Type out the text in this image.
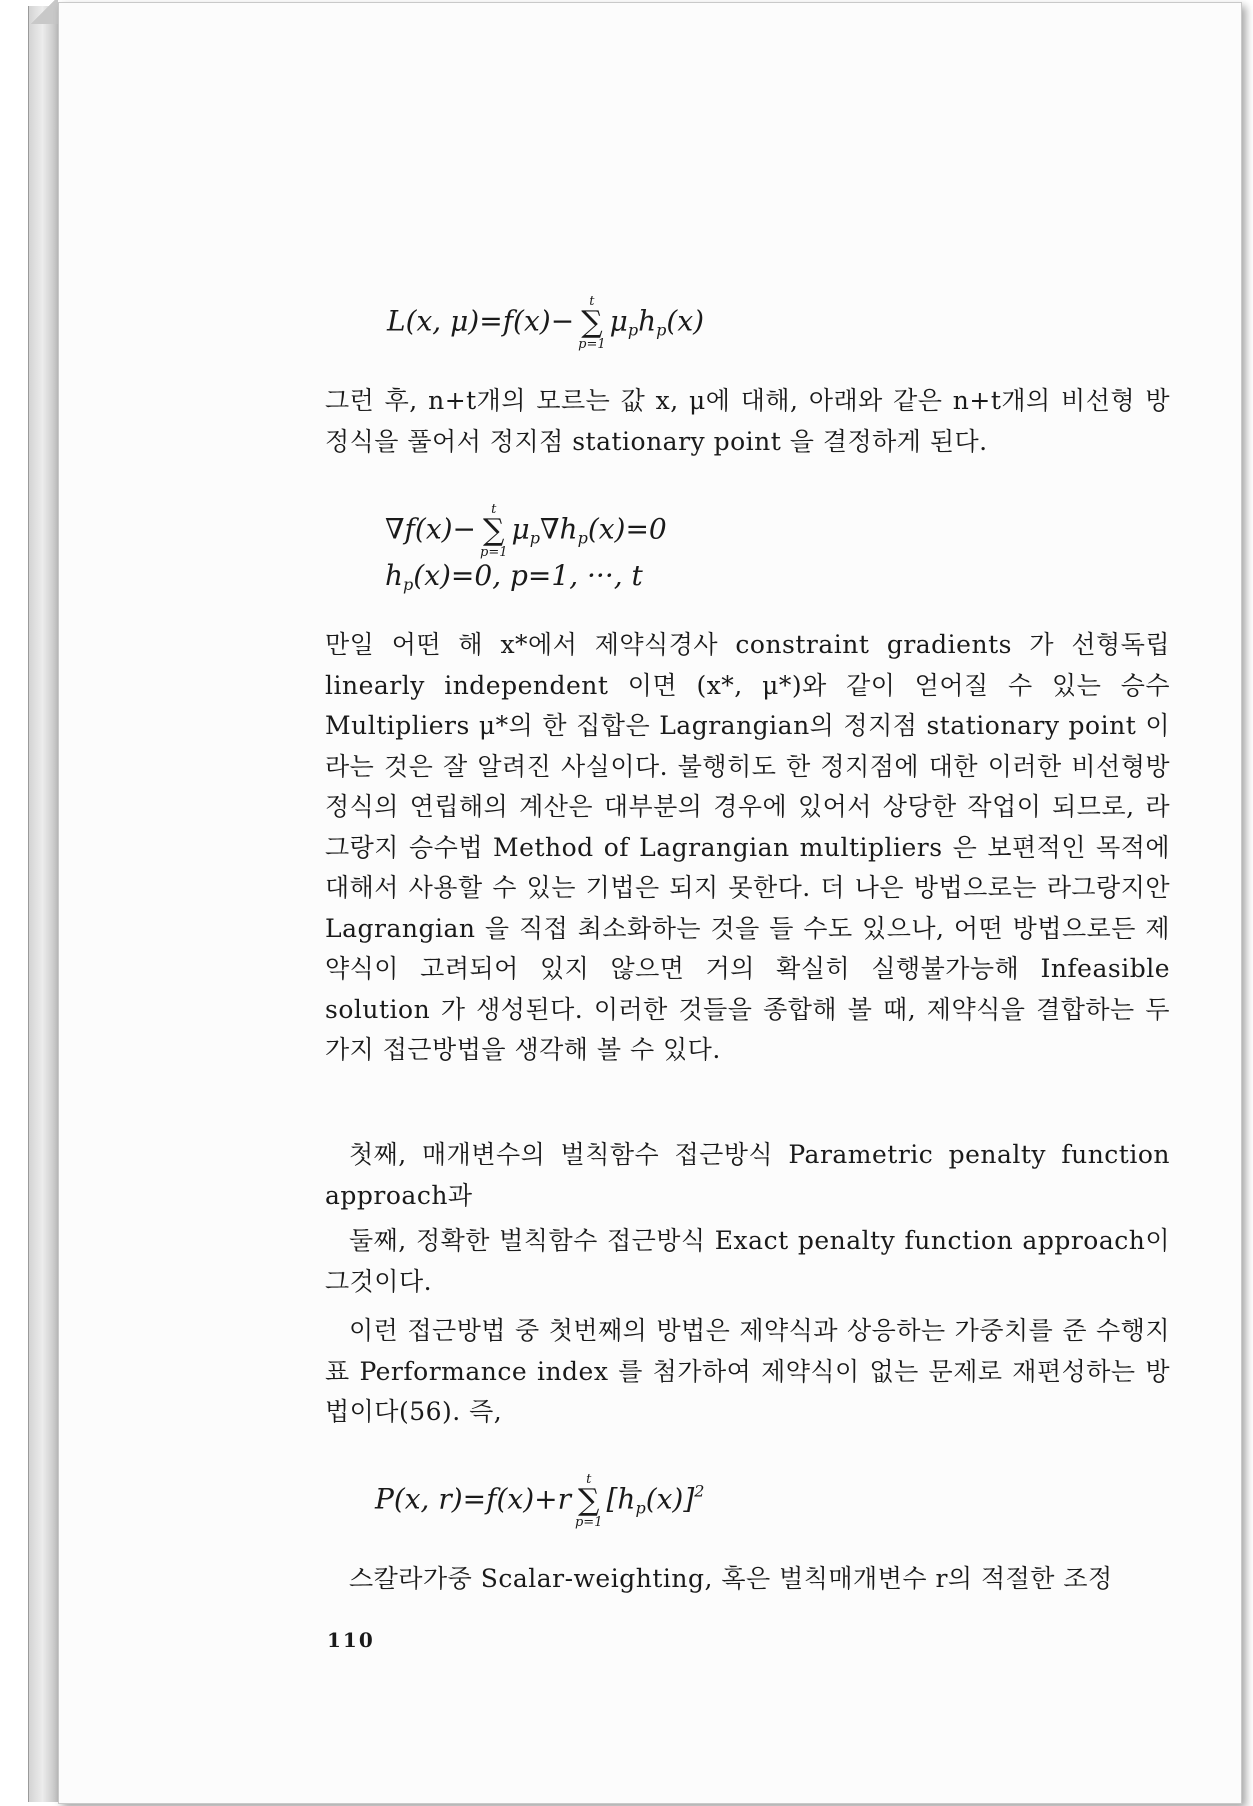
L(x, μ)=f(x)−
t
∑
p=1
μphp(x)

그런 후, n+t개의 모르는 값 x, μ에 대해, 아래와 같은 n+t개의 비선형 방정식을 풀어서 정지점 stationary point 을 결정하게 된다.

∇f(x)−
t
∑
p=1
μp∇hp(x)=0
hp(x)=0, p=1, ···, t

만일 어떤 해 x*에서 제약식경사 constraint gradients 가 선형독립 linearly independent 이면 (x*, μ*)와 같이 얻어질 수 있는 승수 Multipliers μ*의 한 집합은 Lagrangian의 정지점 stationary point 이라는 것은 잘 알려진 사실이다. 불행히도 한 정지점에 대한 이러한 비선형방정식의 연립해의 계산은 대부분의 경우에 있어서 상당한 작업이 되므로, 라그랑지 승수법 Method of Lagrangian multipliers 은 보편적인 목적에 대해서 사용할 수 있는 기법은 되지 못한다. 더 나은 방법으로는 라그랑지안 Lagrangian 을 직접 최소화하는 것을 들 수도 있으나, 어떤 방법으로든 제약식이 고려되어 있지 않으면 거의 확실히 실행불가능해 Infeasible solution 가 생성된다. 이러한 것들을 종합해 볼 때, 제약식을 결합하는 두 가지 접근방법을 생각해 볼 수 있다.

첫째, 매개변수의 벌칙함수 접근방식 Parametric penalty function approach과

둘째, 정확한 벌칙함수 접근방식 Exact penalty function approach이 그것이다.

이런 접근방법 중 첫번째의 방법은 제약식과 상응하는 가중치를 준 수행지표 Performance index 를 첨가하여 제약식이 없는 문제로 재편성하는 방법이다(56). 즉,

P(x, r)=f(x)+r
t
∑
p=1
$[hp(x)]^2$

스칼라가중 Scalar-weighting, 혹은 벌칙매개변수 r의 적절한 조정

110
